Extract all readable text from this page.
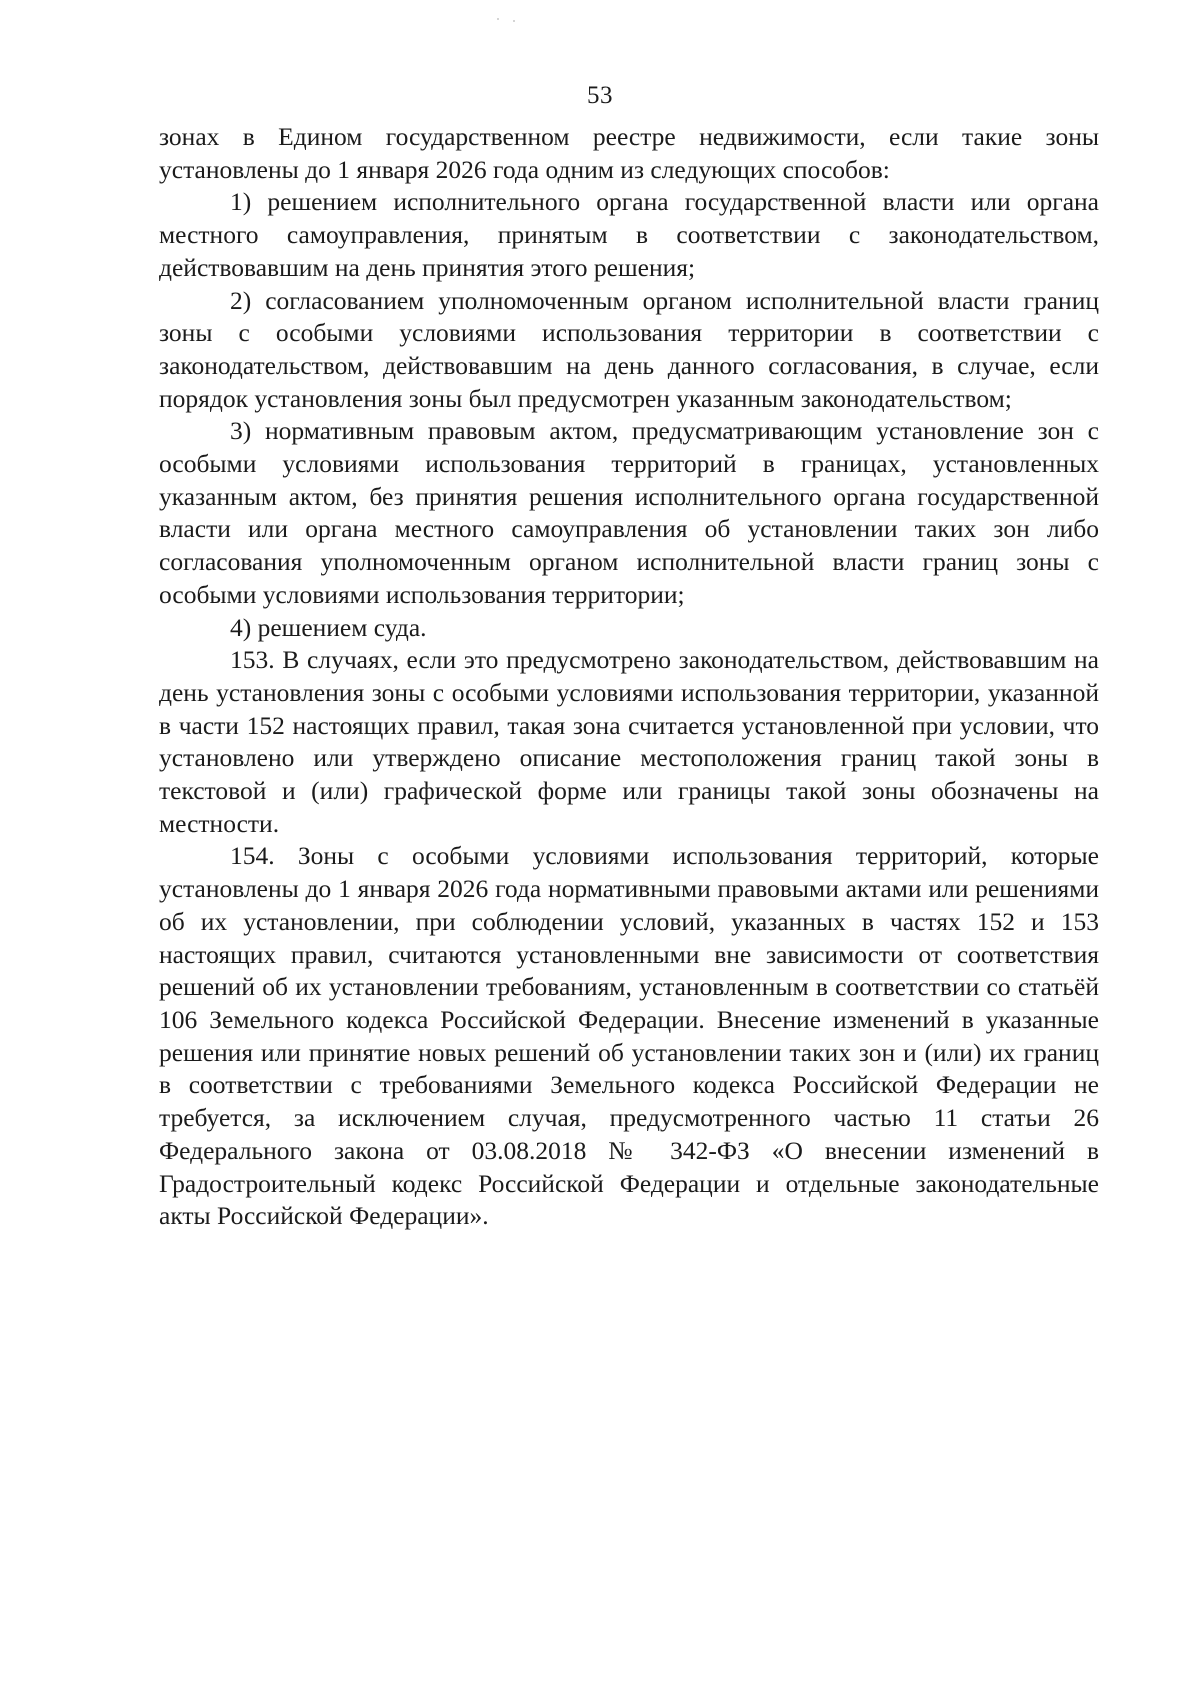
53

зонах в Едином государственном реестре недвижимости, если такие зоны установлены до 1 января 2026 года одним из следующих способов:

1) решением исполнительного органа государственной власти или органа местного самоуправления, принятым в соответствии с законодательством, действовавшим на день принятия этого решения;

2) согласованием уполномоченным органом исполнительной власти границ зоны с особыми условиями использования территории в соответствии с законодательством, действовавшим на день данного согласования, в случае, если порядок установления зоны был предусмотрен указанным законодательством;

3) нормативным правовым актом, предусматривающим установление зон с особыми условиями использования территорий в границах, установленных указанным актом, без принятия решения исполнительного органа государственной власти или органа местного самоуправления об установлении таких зон либо согласования уполномоченным органом исполнительной власти границ зоны с особыми условиями использования территории;

4) решением суда.

153. В случаях, если это предусмотрено законодательством, действовавшим на день установления зоны с особыми условиями использования территории, указанной в части 152 настоящих правил, такая зона считается установленной при условии, что установлено или утверждено описание местоположения границ такой зоны в текстовой и (или) графической форме или границы такой зоны обозначены на местности.

154. Зоны с особыми условиями использования территорий, которые установлены до 1 января 2026 года нормативными правовыми актами или решениями об их установлении, при соблюдении условий, указанных в частях 152 и 153 настоящих правил, считаются установленными вне зависимости от соответствия решений об их установлении требованиям, установленным в соответствии со статьёй 106 Земельного кодекса Российской Федерации. Внесение изменений в указанные решения или принятие новых решений об установлении таких зон и (или) их границ в соответствии с требованиями Земельного кодекса Российской Федерации не требуется, за исключением случая, предусмотренного частью 11 статьи 26 Федерального закона от 03.08.2018 № 342-ФЗ «О внесении изменений в Градостроительный кодекс Российской Федерации и отдельные законодательные акты Российской Федерации».
